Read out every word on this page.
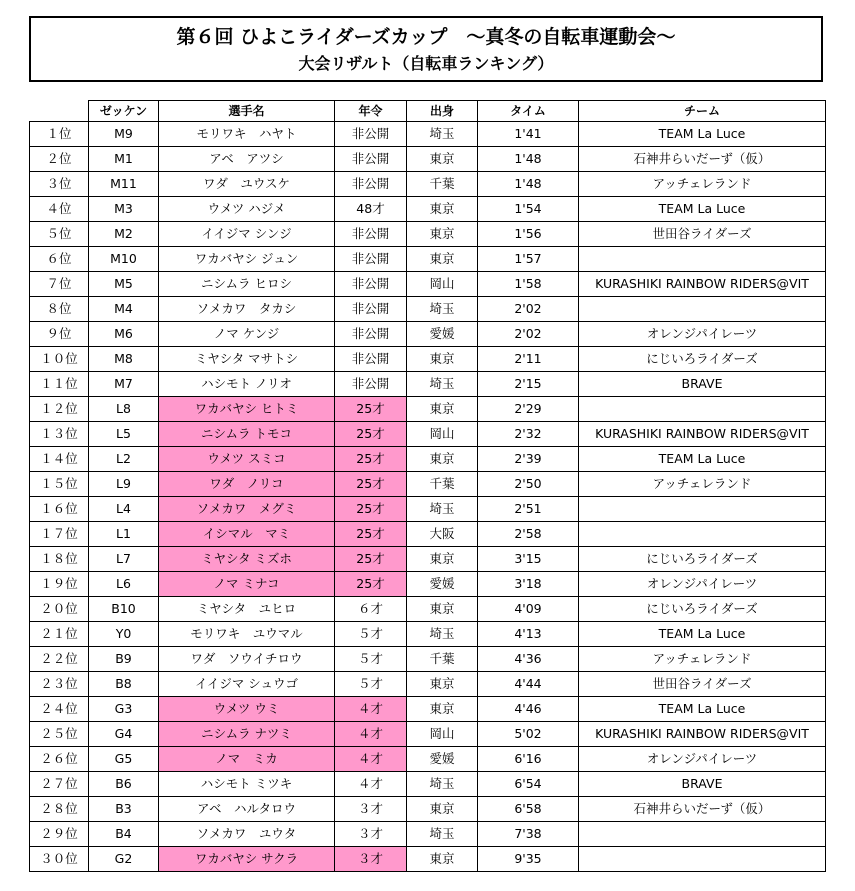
第６回 ひよこライダーズカップ　～真冬の自転車運動会～
大会リザルト（自転車ランキング）
	ゼッケン	選手名	年令	出身	タイム	チーム
１位	M9	モリワキ　ハヤト	非公開	埼玉	1'41	TEAM La Luce
２位	M1	アベ　アツシ	非公開	東京	1'48	石神井らいだーず（仮）
３位	M11	ワダ　ユウスケ	非公開	千葉	1'48	アッチェレランド
４位	M3	ウメツ ハジメ	48才	東京	1'54	TEAM La Luce
５位	M2	イイジマ シンジ	非公開	東京	1'56	世田谷ライダーズ
６位	M10	ワカバヤシ ジュン	非公開	東京	1'57	
７位	M5	ニシムラ ヒロシ	非公開	岡山	1'58	KURASHIKI RAINBOW RIDERS@VIT
８位	M4	ソメカワ　タカシ	非公開	埼玉	2'02	
９位	M6	ノマ ケンジ	非公開	愛媛	2'02	オレンジパイレーツ
１０位	M8	ミヤシタ マサトシ	非公開	東京	2'11	にじいろライダーズ
１１位	M7	ハシモト ノリオ	非公開	埼玉	2'15	BRAVE
１２位	L8	ワカバヤシ ヒトミ	25才	東京	2'29	
１３位	L5	ニシムラ トモコ	25才	岡山	2'32	KURASHIKI RAINBOW RIDERS@VIT
１４位	L2	ウメツ スミコ	25才	東京	2'39	TEAM La Luce
１５位	L9	ワダ　ノリコ	25才	千葉	2'50	アッチェレランド
１６位	L4	ソメカワ　メグミ	25才	埼玉	2'51	
１７位	L1	イシマル　マミ	25才	大阪	2'58	
１８位	L7	ミヤシタ ミズホ	25才	東京	3'15	にじいろライダーズ
１９位	L6	ノマ ミナコ	25才	愛媛	3'18	オレンジパイレーツ
２０位	B10	ミヤシタ　ユヒロ	６才	東京	4'09	にじいろライダーズ
２１位	Y0	モリワキ　ユウマル	５才	埼玉	4'13	TEAM La Luce
２２位	B9	ワダ　ソウイチロウ	５才	千葉	4'36	アッチェレランド
２３位	B8	イイジマ シュウゴ	５才	東京	4'44	世田谷ライダーズ
２４位	G3	ウメツ ウミ	４才	東京	4'46	TEAM La Luce
２５位	G4	ニシムラ ナツミ	４才	岡山	5'02	KURASHIKI RAINBOW RIDERS@VIT
２６位	G5	ノマ　ミカ	４才	愛媛	6'16	オレンジパイレーツ
２７位	B6	ハシモト ミツキ	４才	埼玉	6'54	BRAVE
２８位	B3	アベ　ハルタロウ	３才	東京	6'58	石神井らいだーず（仮）
２９位	B4	ソメカワ　ユウタ	３才	埼玉	7'38	
３０位	G2	ワカバヤシ サクラ	３才	東京	9'35	
